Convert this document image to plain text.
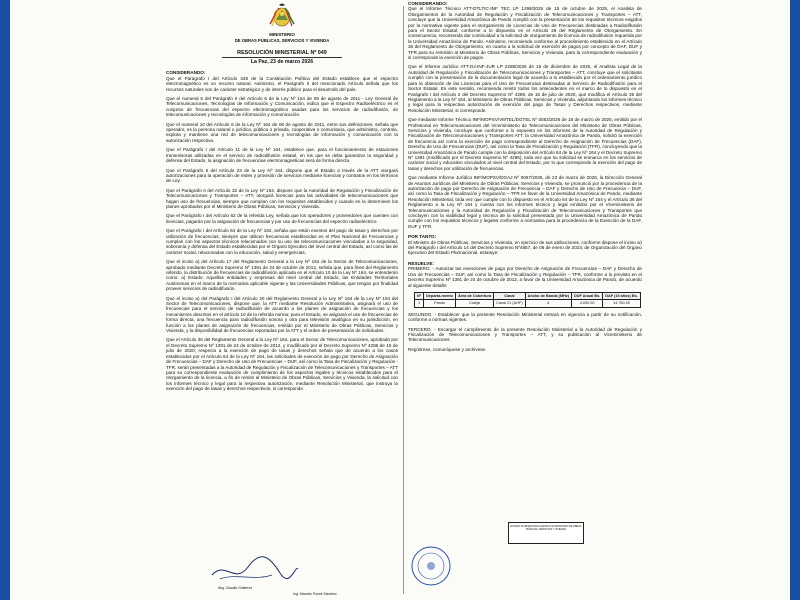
MINISTERIO
DE OBRAS PÚBLICAS, SERVICIOS Y VIVIENDA
RESOLUCIÓN MINISTERIAL Nº 049
La Paz, 23 de marzo 2026
CONSIDERANDO:

Que el Parágrafo I del Artículo 348 de la Constitución Política del Estado establece que el espectro electromagnético es un recurso natural. Asimismo, el Parágrafo II del mencionado Artículo señala que los recursos naturales son de carácter estratégico y de interés público para el desarrollo del país.

Que el numeral 5 del Parágrafo II del Artículo 6 de la Ley Nº 164 de 08 de agosto de 2011 - Ley General de Telecomunicaciones, Tecnologías de Información y Comunicación, indica que el Espectro Radioeléctrico es el conjunto de frecuencias del espectro electromagnético usadas para los servicios de radiodifusión, de telecomunicaciones y tecnologías de información y comunicación.

Que el numeral 10 del Artículo 6 de la Ley Nº 164 de 08 de agosto de 2011, entre sus definiciones, señala que operador, es la persona natural o jurídica, pública o privada, cooperativa o comunitaria, que administra, controla, explota y mantiene una red de telecomunicaciones y tecnologías de información y comunicación con la autorización respectiva.

Que el Parágrafo I del Artículo 11 de la Ley Nº 164, establece que, para el funcionamiento de estaciones transmisoras utilizadas en el servicio de radiodifusión estatal, en los que se deba garantizar la seguridad y defensa del Estado, la asignación de frecuencias electromagnéticas será de forma directa.

Que el Parágrafo II del Artículo 23 de la Ley Nº 164, dispone que el Estado a través de la ATT otorgará autorizaciones para la operación de redes y provisión de servicios mediante licencias y contratos en los términos de Ley.

Que el Parágrafo II del Artículo 32 de la Ley Nº 164, dispone que la Autoridad de Regulación y Fiscalización de Telecomunicaciones y Transportes – ATT, otorgará licencias para las actividades de telecomunicaciones que hagan uso de frecuencias, siempre que cumplan con los requisitos establecidos y cuando en la determinen los planes aprobados por el Ministerio de Obras Públicas, Servicios y Vivienda.

Que el Parágrafo I del Artículo 62 de la referida Ley, señala que los operadores y proveedores que cuenten con licencias, pagarán por la asignación de frecuencias y por uso de frecuencias del espectro radioeléctrico.

Que el Parágrafo I del Artículo 64 de la Ley Nº 164, señala que están exentos del pago de tasas y derechos por utilización de frecuencias, siempre que utilicen frecuencias establecidas en el Plan Nacional de Frecuencias y cumplan con los aspectos técnicos relacionados con su uso las telecomunicaciones vinculadas a la seguridad, soberanía y defensa del Estado establecidas por el Órgano Ejecutivo del nivel central del Estado, así como las de carácter social, relacionadas con la educación, salud y emergencias.

Que el inciso a) del Artículo 17 del Reglamento General a la Ley Nº 164 de la Sector de Telecomunicaciones, aprobado mediante Decreto Supremo Nº 1391 de 24 de octubre de 2012, señala que, para fines del Reglamento referido, la distribución de frecuencias de radiodifusión aplicada en el Artículo 10 de la Ley Nº 164, se entenderán como: a) Estado: Aquellas entidades y empresas del nivel central del Estado, las Entidades Territoriales Autónomas en el marco de la normativa aplicable vigente y las Universidades Públicas, que tengan por finalidad proveer servicios de radiodifusión.

Que el inciso a) del Parágrafo I del Artículo 20 del Reglamento General a la Ley Nº 164 de la Ley Nº 164 del Sector de Telecomunicaciones, dispone que, la ATT mediante Resolución Administrativa, asignará el uso de frecuencias para el servicio de radiodifusión de acuerdo a los planes de asignación de frecuencias y los mecanismos descritos en el artículo 10 de la referida norma; para el Estado, se asignará el uso de frecuencias de forma directa, una frecuencia para radiodifusión sonora y otra para televisión analógica en su jurisdicción, en función a los planes de asignación de frecuencias, emitido por el Ministerio de Obras Públicas, Servicios y Vivienda, y la disponibilidad de frecuencias reportadas por la ATT y el orden de presentación de solicitudes.

Que el Artículo 36 del Reglamento General a la Ley Nº 164, para el Sector de Telecomunicaciones, aprobado por el Decreto Supremo Nº 1391 de 24 de octubre de 2012, y modificado por el Decreto Supremo Nº 4286 de 15 de julio de 2020, respecto a la exención de pago de tasas y derechos señala que de acuerdo a los casos establecidos por el Artículo 64 de la Ley Nº 164, las solicitudes de exención de pago por Derecho de Asignación de Frecuencias – DAF y Derecho de Uso de Frecuencias – DUF, así como la Tasa de Fiscalización y Regulación - TFR, serán presentadas a la Autoridad de Regulación y Fiscalización de Telecomunicaciones y Transportes – ATT para su correspondiente evaluación de cumplimiento de los aspectos legales y técnicos establecidos para el otorgamiento de la licencia, a fin de remitir al Ministerio de Obras Públicas, Servicios y Vivienda, la solicitud con los informes técnico y legal para la respectiva autorización, mediante Resolución Ministerial, que instruya la exención del pago de tasas y derechos respectivos, si corresponde.

CONSIDERANDO:

Que el Informe Técnico ATT-DTLTIC-INF TEC LP 1299/2025 de 15 de octubre de 2025, el Analista de Otorgamientos de la Autoridad de Regulación y Fiscalización de Telecomunicaciones y Transportes – ATT, concluye que la Universidad Amazónica de Pando cumplió con la presentación de los requisitos técnicos exigidos por la normativa vigente para el otorgamiento de Licencias de Uso de Frecuencias destinadas a Radiodifusión para el Sector Estatal, conforme a lo dispuesto en el Artículo 29 del Reglamento de Otorgamiento. En consecuencia, recomienda dar continuidad a la solicitud de otorgamiento de licencia de radiodifusión requerida por la Universidad Amazónica de Pando. Asimismo, recomienda conforme al procedimiento establecido en el Artículo 36 del Reglamento de Otorgamiento, en cuanto a la solicitud de exención de pagos por concepto de DAF, DUF y TFR para su remisión al Ministerio de Obras Públicas, Servicios y Vivienda, para la correspondiente evaluación y si corresponde la exención de pagos.

Que el Informe Jurídico ATT-DJ-INF-JUR LP 2288/2025 de 15 de diciembre de 2025, el Analista Legal de la Autoridad de Regulación y Fiscalización de Telecomunicaciones y Transportes – ATT, concluye que el solicitante cumplió con la presentación de la documentación legal de acuerdo a lo establecido por el ordenamiento jurídico para la obtención de las Licencias para el Uso de Frecuencias destinadas al Servicio de Radiodifusión para el Sector Estatal. En este sentido, recomienda remitir todos los antecedentes en el marco de lo dispuesto en el Parágrafo I del Artículo 2 del Decreto Supremo Nº 4286, de 15 de julio de 2020, que modifica el Artículo 36 del Reglamento a la Ley Nº 164, al Ministerio de Obras Públicas, Servicios y Vivienda, adjuntando los informes técnico y legal para la respectiva autorización de exención del pago de Tasas y Derechos respectivos, mediante Resolución Ministerial, si corresponde.

Que mediante Informe Técnico INF/MOPSV/VMTEL/DGTEL Nº 0083/2026 de 18 de marzo de 2026, emitido por el Profesional en Telecomunicaciones del Viceministerio de Telecomunicaciones del Ministerio de Obras Públicas, Servicios y Vivienda, concluye que conforme a lo expuesto en los informes de la Autoridad de Regulación y Fiscalización de Telecomunicaciones y Transportes ATT, la Universidad Amazónica de Pando, solicitó la exención de frecuencia así como la exención de pago correspondiente al Derecho de Asignación de Frecuencias (DAF), Derecho de Uso de Frecuencias (DUF), así como la Tasa de Fiscalización y Regulación (TFR), concluyendo que la Universidad Amazónica de Pando cumple con la disposición del Artículo 64 de la Ley Nº 164 y el Decreto Supremo Nº 1391 (modificado por el Decreto Supremo Nº 4286), toda vez que su solicitud se enmarca en los servicios de carácter social y educativo vinculados al nivel central del Estado, por lo que corresponde la exención del pago de tasas y derechos por utilización de frecuencias.

Que mediante Informe Jurídico INF/MOPSV/DGAJ Nº 0067/2026, de 23 de marzo de 2026, la Dirección General de Asuntos Jurídicos del Ministerio de Obras Públicas, Servicios y Vivienda, se pronunció por la procedencia de la autorización de pago por Derecho de Asignación de Frecuencia – DAF y Derecho de Uso de Frecuencia – DUF, así como la Tasa de Fiscalización y Regulación – TFR en favor de la Universidad Amazónica de Pando, mediante Resolución Ministerial, toda vez que cumple con lo dispuesto en el Artículo 64 de la Ley Nº 164 y el Artículo 36 del Reglamento a la Ley Nº 164 y cuenta con los informes técnico y legal emitidos por el Viceministerio de Telecomunicaciones y la Autoridad de Regulación y Fiscalización de Telecomunicaciones y Transportes que concluyen con la viabilidad legal y técnica de la solicitud presentada por la Universidad Amazónica de Pando cumple con los requisitos técnicos y legales conforme a normativa para la procedencia de la Exención de la DAF, DUF y TFR.

POR TANTO:

El Ministro de Obras Públicas, Servicios y Vivienda, en ejercicio de sus atribuciones, conforme dispone el inciso w) del Parágrafo I del Artículo 14 del Decreto Supremo Nº4857, de 06 de enero de 2023, de Organización del Órgano Ejecutivo del Estado Plurinacional, estatuye:

RESUELVE:

PRIMERO. - Autorizar las exenciones de pago por Derecho de Asignación de Frecuencias – DAF y Derecho de Uso de Frecuencias – DUF, así como la Tasa de Fiscalización y Regulación – TFR, conforme a lo previsto en el Decreto Supremo Nº 1391 de 24 de octubre de 2012, a favor de la Universidad Amazónica de Pando, de acuerdo al siguiente detalle:

Nº	Departa-mento	Área de Cobertura	Canal	Ancho de Banda (MHz)	DUF Anual Bs.	DAF (15 años) Bs.
1	Pando	Cobija	Canal 21 (UHF)	6	4.000,00	14.750,00

SEGUNDO. - Establecer que la presente Resolución Ministerial entrará en vigencia a partir de su notificación, conforme a normas vigentes.

TERCERO. - Encargar el cumplimiento de la presente Resolución Ministerial a la Autoridad de Regulación y Fiscalización de Telecomunicaciones y Transportes – ATT, y su publicación al Viceministerio de Telecomunicaciones.

Regístrese, comuníquese y archívese.

ESTADO PLURINACIONAL DE BOLIVIA MINISTERIO DE OBRAS PÚBLICAS, SERVICIOS Y VIVIENDA
Abg. Claudio Gutiérrez
Ing. Marcelo Ponce Sánchez
